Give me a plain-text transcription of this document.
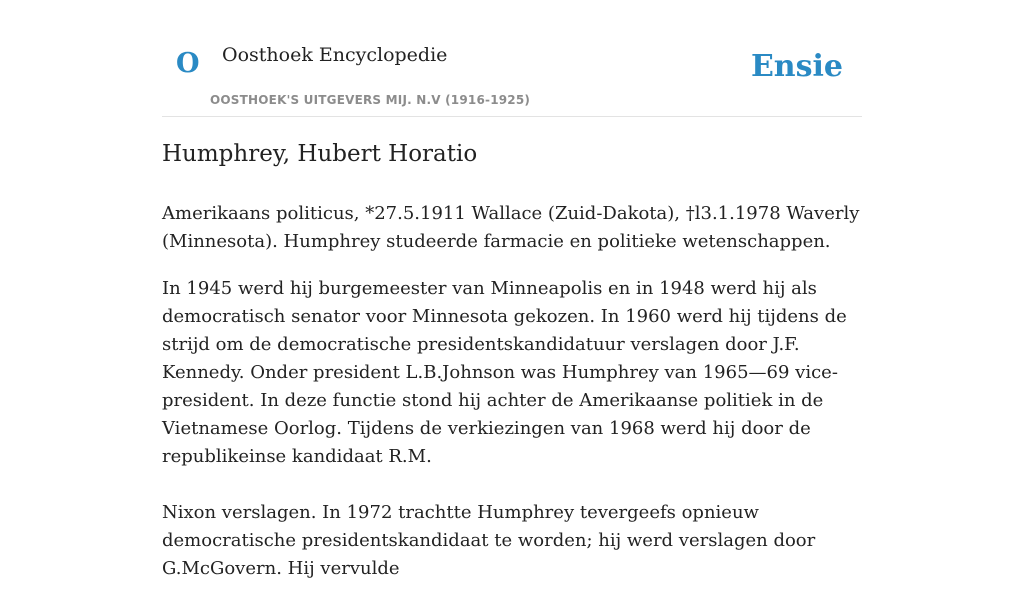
O Oosthoek Encyclopedie
OOSTHOEK'S UITGEVERS MIJ. N.V (1916-1925)
Ensie
Humphrey, Hubert Horatio

Amerikaans politicus, *27.5.1911 Wallace (Zuid-Dakota), †l3.1.1978 Waverly (Minnesota). Humphrey studeerde farmacie en politieke wetenschappen.

In 1945 werd hij burgemeester van Minneapolis en in 1948 werd hij als democratisch senator voor Minnesota gekozen. In 1960 werd hij tijdens de strijd om de democratische presidentskandidatuur verslagen door J.F. Kennedy. Onder president L.B.Johnson was Humphrey van 1965—69 vice-president. In deze functie stond hij achter de Amerikaanse politiek in de Vietnamese Oorlog. Tijdens de verkiezingen van 1968 werd hij door de republikeinse kandidaat R.M.

Nixon verslagen. In 1972 trachtte Humphrey tevergeefs opnieuw democratische presidentskandidaat te worden; hij werd verslagen door G.McGovern. Hij vervulde
